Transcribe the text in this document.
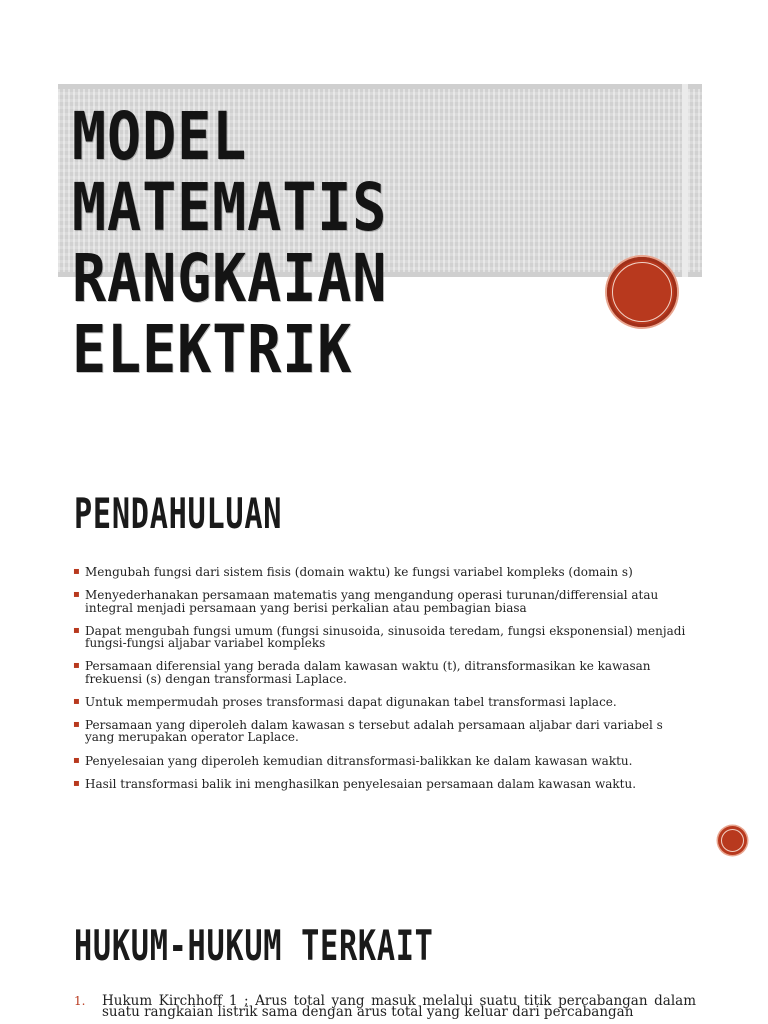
MODEL MATEMATIS
RANGKAIAN ELEKTRIK
PENDAHULUAN
▪ Mengubah fungsi dari sistem fisis (domain waktu) ke fungsi variabel kompleks (domain s)
▪ Menyederhanakan persamaan matematis yang mengandung operasi turunan/differensial atau integral menjadi persamaan yang berisi perkalian atau pembagian biasa
▪ Dapat mengubah fungsi umum (fungsi sinusoida, sinusoida teredam, fungsi eksponensial) menjadi fungsi-fungsi aljabar variabel kompleks
▪ Persamaan diferensial yang berada dalam kawasan waktu (t), ditransformasikan ke kawasan frekuensi (s) dengan transformasi Laplace.
▪ Untuk mempermudah proses transformasi dapat digunakan tabel transformasi laplace.
▪ Persamaan yang diperoleh dalam kawasan s tersebut adalah persamaan aljabar dari variabel s yang merupakan operator Laplace.
▪ Penyelesaian yang diperoleh kemudian ditransformasi-balikkan ke dalam kawasan waktu.
▪ Hasil transformasi balik ini menghasilkan penyelesaian persamaan dalam kawasan waktu.
HUKUM-HUKUM TERKAIT
1. Hukum Kirchhoff 1 ; Arus total yang masuk melalui suatu titik percabangan dalam suatu rangkaian listrik sama dengan arus total yang keluar dari percabangan
